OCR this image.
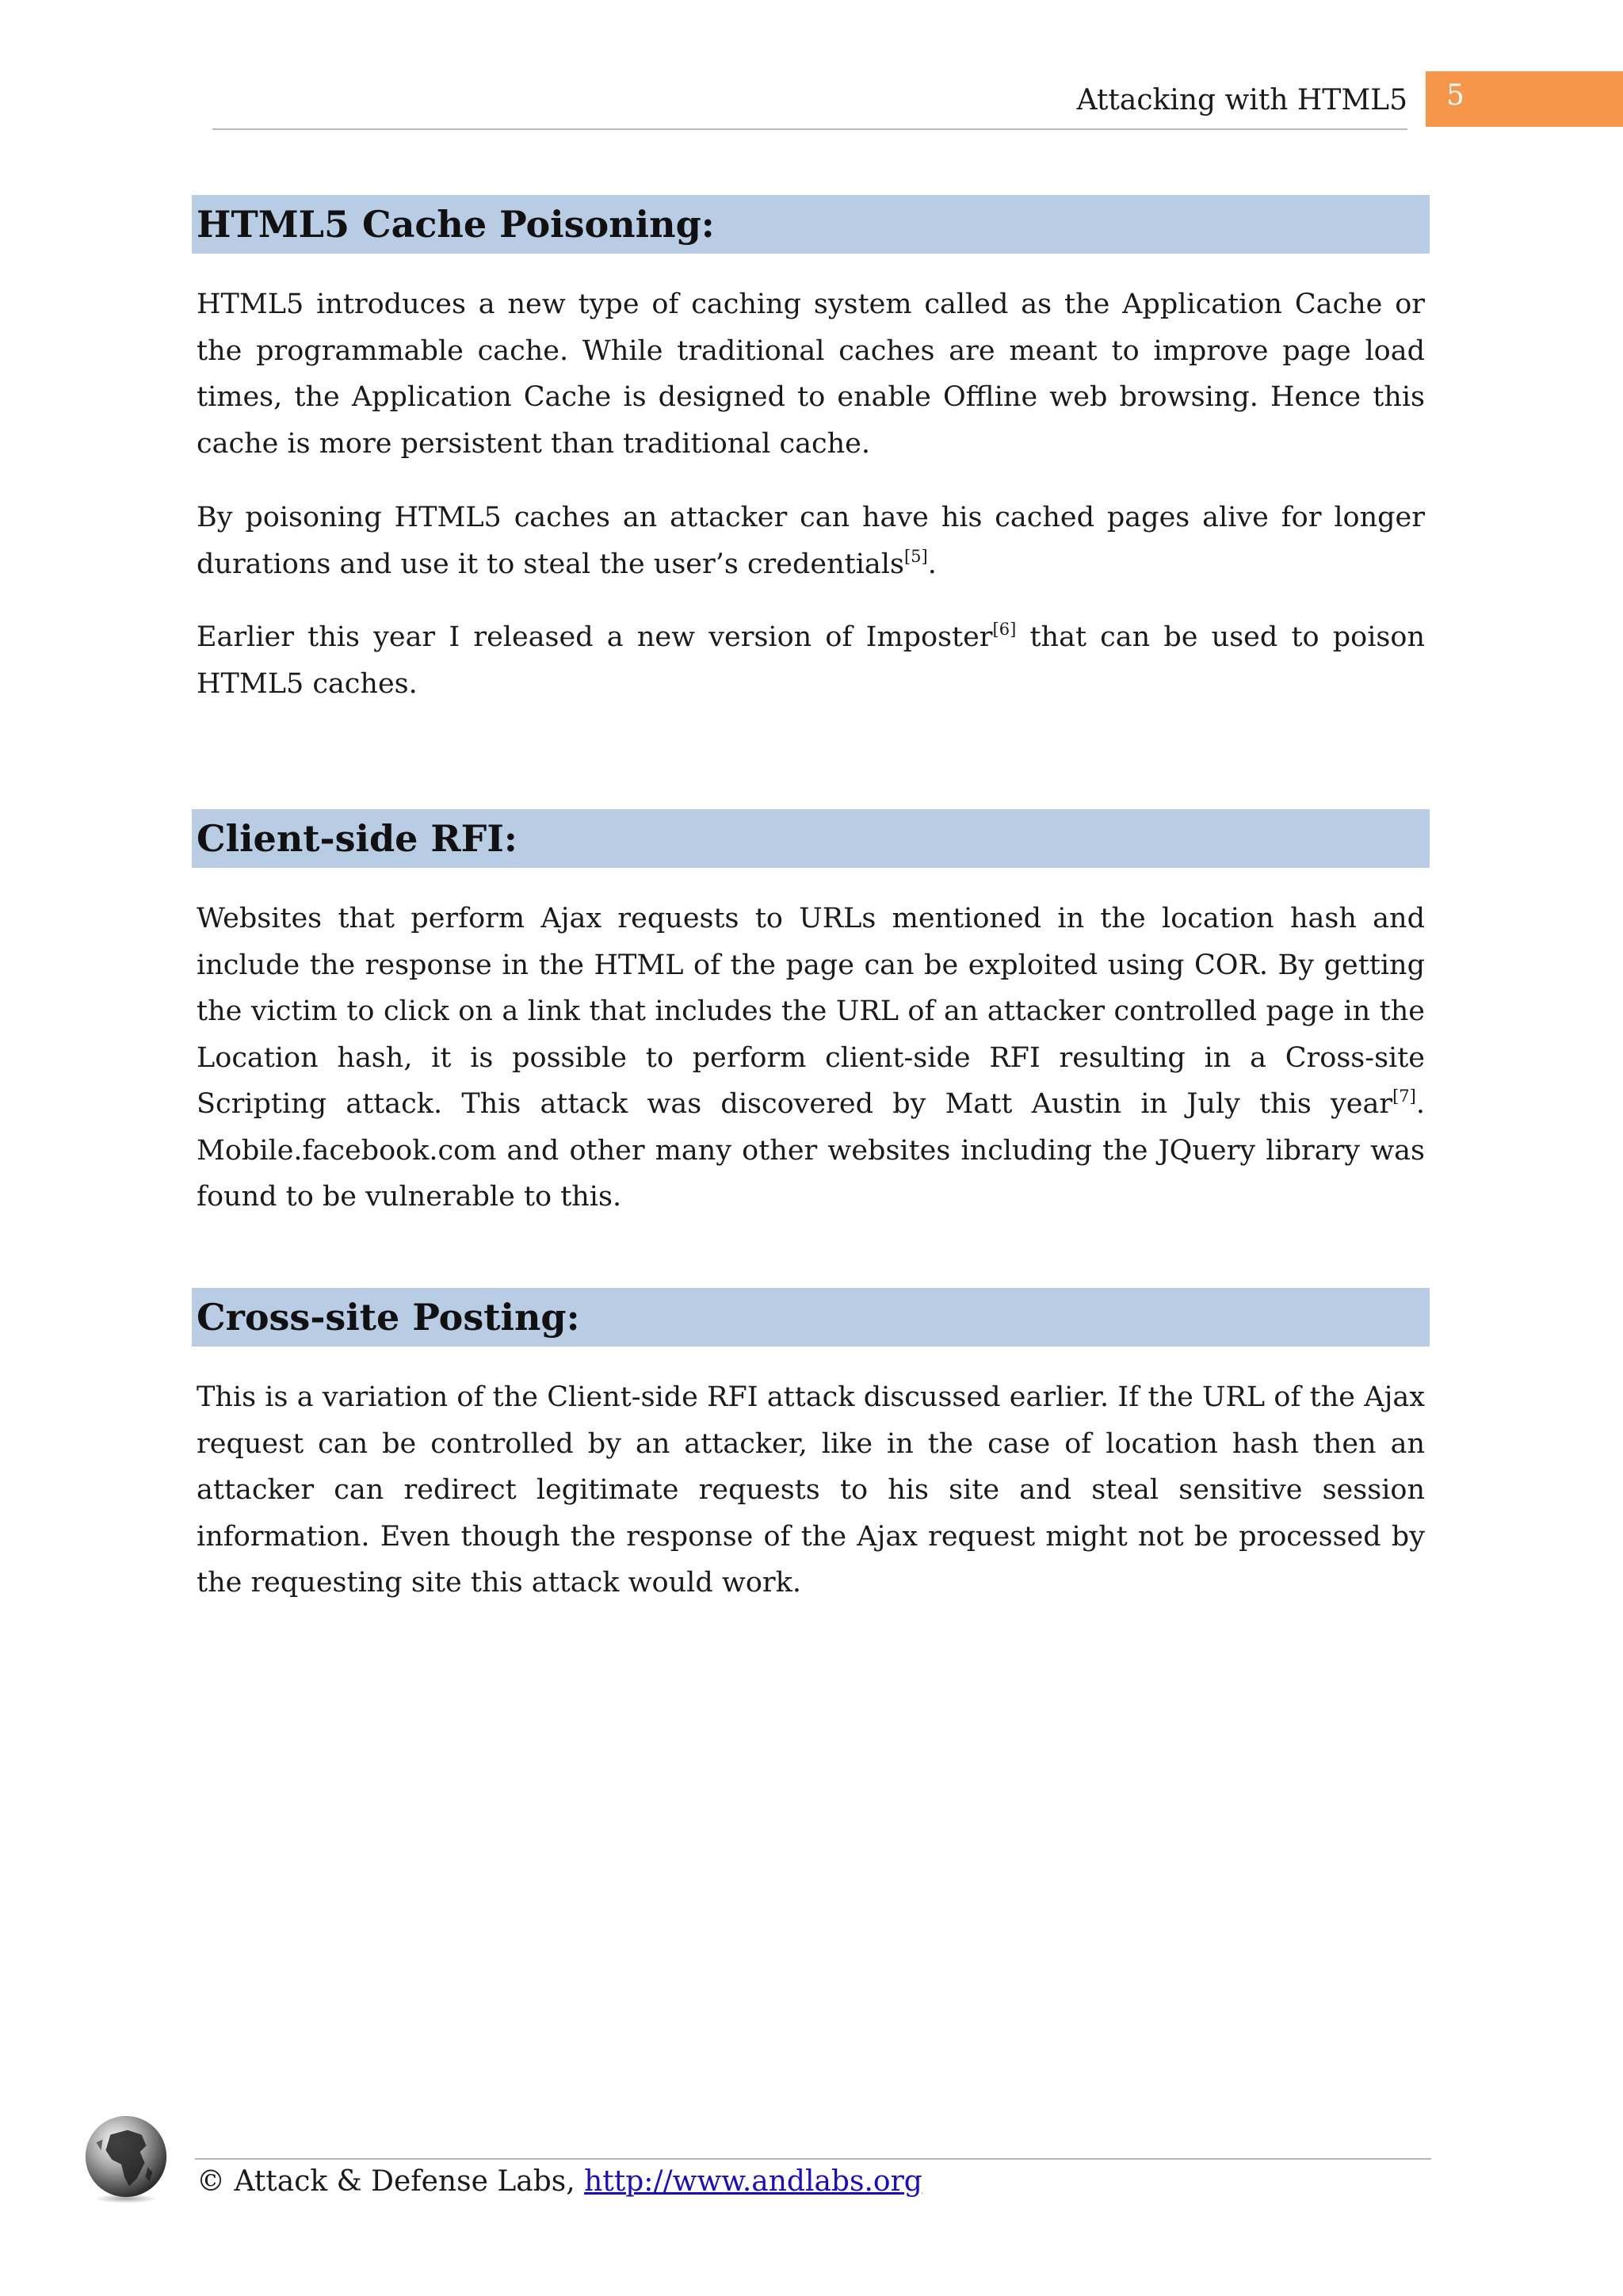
Attacking with HTML5 5
HTML5 Cache Poisoning:

HTML5 introduces a new type of caching system called as the Application Cache or the programmable cache. While traditional caches are meant to improve page load times, the Application Cache is designed to enable Offline web browsing. Hence this cache is more persistent than traditional cache.

By poisoning HTML5 caches an attacker can have his cached pages alive for longer durations and use it to steal the user’s credentials[5].

Earlier this year I released a new version of Imposter[6] that can be used to poison HTML5 caches.

Client-side RFI:

Websites that perform Ajax requests to URLs mentioned in the location hash and include the response in the HTML of the page can be exploited using COR. By getting the victim to click on a link that includes the URL of an attacker controlled page in the Location hash, it is possible to perform client-side RFI resulting in a Cross-site Scripting attack. This attack was discovered by Matt Austin in July this year[7]. Mobile.facebook.com and other many other websites including the JQuery library was found to be vulnerable to this.

Cross-site Posting:

This is a variation of the Client-side RFI attack discussed earlier. If the URL of the Ajax request can be controlled by an attacker, like in the case of location hash then an attacker can redirect legitimate requests to his site and steal sensitive session information. Even though the response of the Ajax request might not be processed by the requesting site this attack would work.

© Attack & Defense Labs, http://www.andlabs.org
